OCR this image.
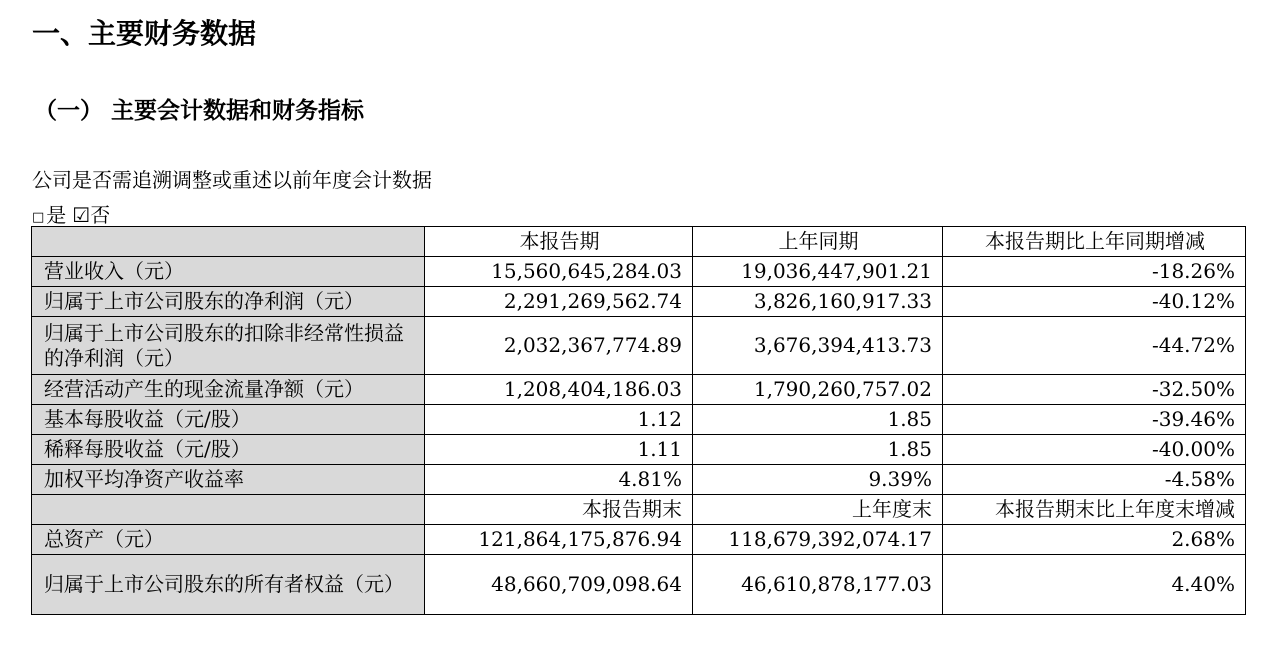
一、主要财务数据
（一） 主要会计数据和财务指标
公司是否需追溯调整或重述以前年度会计数据
□ 是 ☑否
	本报告期	上年同期	本报告期比上年同期增减
营业收入（元）	15,560,645,284.03	19,036,447,901.21	-18.26%
归属于上市公司股东的净利润（元）	2,291,269,562.74	3,826,160,917.33	-40.12%
归属于上市公司股东的扣除非经常性损益的净利润（元）	2,032,367,774.89	3,676,394,413.73	-44.72%
经营活动产生的现金流量净额（元）	1,208,404,186.03	1,790,260,757.02	-32.50%
基本每股收益（元/股）	1.12	1.85	-39.46%
稀释每股收益（元/股）	1.11	1.85	-40.00%
加权平均净资产收益率	4.81%	9.39%	-4.58%
	本报告期末	上年度末	本报告期末比上年度末增减
总资产（元）	121,864,175,876.94	118,679,392,074.17	2.68%
归属于上市公司股东的所有者权益（元）	48,660,709,098.64	46,610,878,177.03	4.40%
